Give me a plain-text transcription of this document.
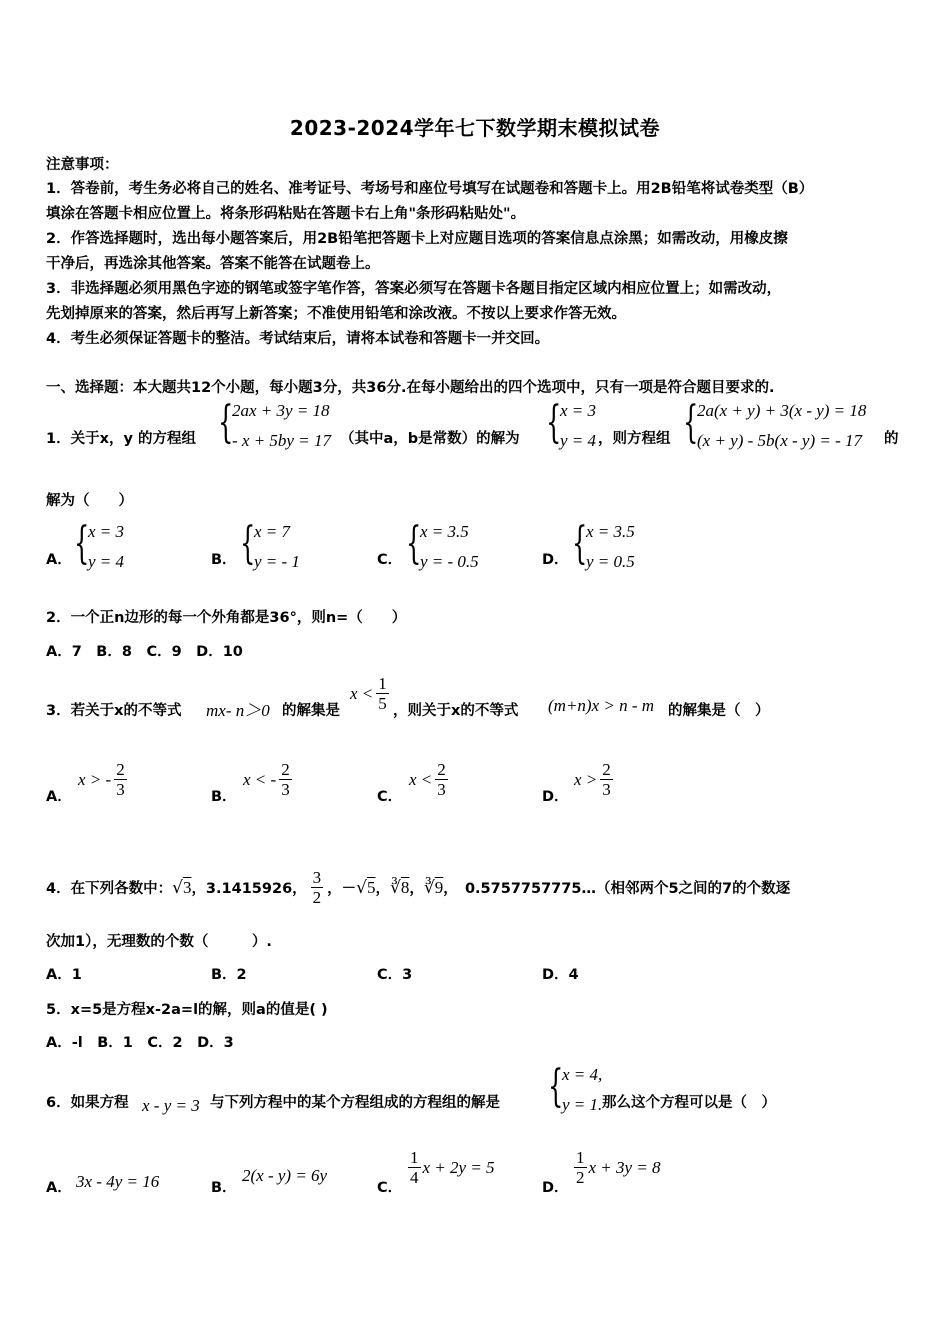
2023-2024学年七下数学期末模拟试卷
注意事项：
1．答卷前，考生务必将自己的姓名、准考证号、考场号和座位号填写在试题卷和答题卡上。用2B铅笔将试卷类型（B）
填涂在答题卡相应位置上。将条形码粘贴在答题卡右上角"条形码粘贴处"。
2．作答选择题时，选出每小题答案后，用2B铅笔把答题卡上对应题目选项的答案信息点涂黑；如需改动，用橡皮擦
干净后，再选涂其他答案。答案不能答在试题卷上。
3．非选择题必须用黑色字迹的钢笔或签字笔作答，答案必须写在答题卡各题目指定区域内相应位置上；如需改动，
先划掉原来的答案，然后再写上新答案；不准使用铅笔和涂改液。不按以上要求作答无效。
4．考生必须保证答题卡的整洁。考试结束后，请将本试卷和答题卡一并交回。
一、选择题：本大题共12个小题，每小题3分，共36分.在每小题给出的四个选项中，只有一项是符合题目要求的.
1．关于x，y 的方程组 {
2ax + 3y = 18
- x + 5by = 17 （其中a，b是常数）的解为 {
x = 3
y = 4 ，则方程组 {
2a(x + y) + 3(x - y) = 18
(x + y) - 5b(x - y) = - 17	的
解为（　　）
A． {
x = 3
y = 4	B． {
x = 7
y = - 1	C． {
x = 3.5
y = - 0.5	D． {
x = 3.5
y = 0.5
2．一个正n边形的每一个外角都是36°，则n=（　　）
A．7　B．8　C．9　D．10
3．若关于x的不等式 mx- n＞0 的解集是
$x < \frac{1}{5}$ ，则关于x的不等式 (m+n)x > n - m 的解集是（　）
A．
x > - $\frac{2}{3}$	B．
x < - $\frac{2}{3}$	C．
$x < \frac{2}{3}$	D．
$x > \frac{2}{3}$
4．在下列各数中： √ 3 ，3.1415926， $\frac{3}{2}$ ，－ √ 5 ， ∛ 8 ， ∛ 9 ，　0.5757757775…（相邻两个5之间的7的个数逐
次加1），无理数的个数（　　　）.
A．1	B．2	C．3	D．4
5．x=5是方程x-2a=l的解，则a的值是( )
A．-l　B．1　C．2　D．3
6．如果方程 x - y = 3 与下列方程中的某个方程组成的方程组的解是 {
x = 4,
y = 1. 那么这个方程可以是（　）
A． 3x - 4y = 16	B．
2(x - y) = 6y
C．
$\frac{1}{4}$ x + 2y = 5
D．
$\frac{1}{2}$ x + 3y = 8
